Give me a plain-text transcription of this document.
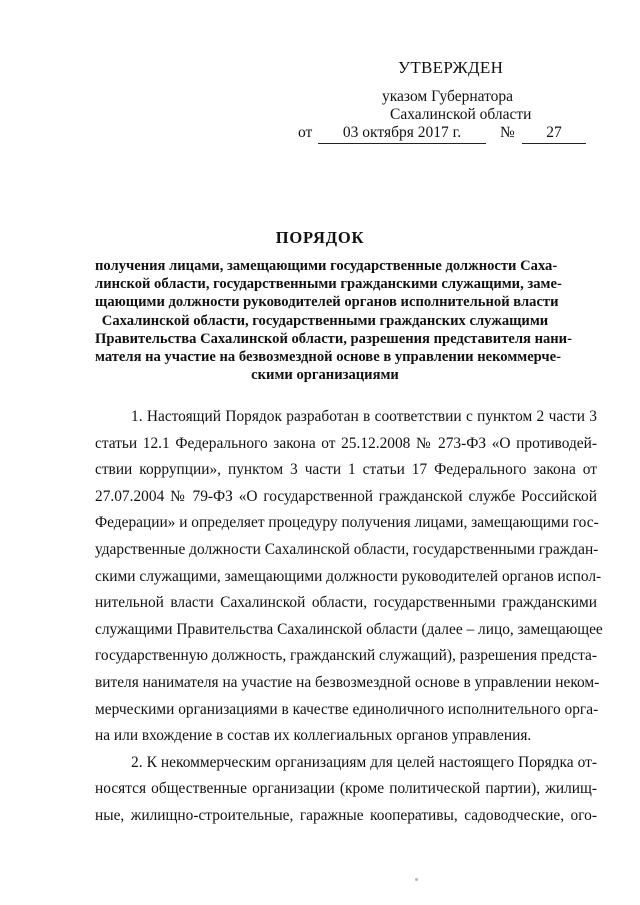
УТВЕРЖДЕН
указом Губернатора
Сахалинской области
от	03 октября 2017 г.	№	27
ПОРЯДОК
получения лицами, замещающими государственные должности Саха-
линской области, государственными гражданскими служащими, заме-
щающими должности руководителей органов исполнительной власти
Сахалинской области, государственными гражданских служащими
Правительства Сахалинской области, разрешения представителя нани-
мателя на участие на безвозмездной основе в управлении некоммерче-
скими организациями
1. Настоящий Порядок разработан в соответствии с пунктом 2 части 3
статьи 12.1 Федерального закона от 25.12.2008 № 273-ФЗ «О противодей-
ствии коррупции», пунктом 3 части 1 статьи 17 Федерального закона от
27.07.2004 № 79-ФЗ «О государственной гражданской службе Российской
Федерации» и определяет процедуру получения лицами, замещающими гос-
ударственные должности Сахалинской области, государственными граждан-
скими служащими, замещающими должности руководителей органов испол-
нительной власти Сахалинской области, государственными гражданскими
служащими Правительства Сахалинской области (далее – лицо, замещающее
государственную должность, гражданский служащий), разрешения предста-
вителя нанимателя на участие на безвозмездной основе в управлении неком-
мерческими организациями в качестве единоличного исполнительного орга-
на или вхождение в состав их коллегиальных органов управления.
2. К некоммерческим организациям для целей настоящего Порядка от-
носятся общественные организации (кроме политической партии), жилищ-
ные, жилищно-строительные, гаражные кооперативы, садоводческие, ого-
